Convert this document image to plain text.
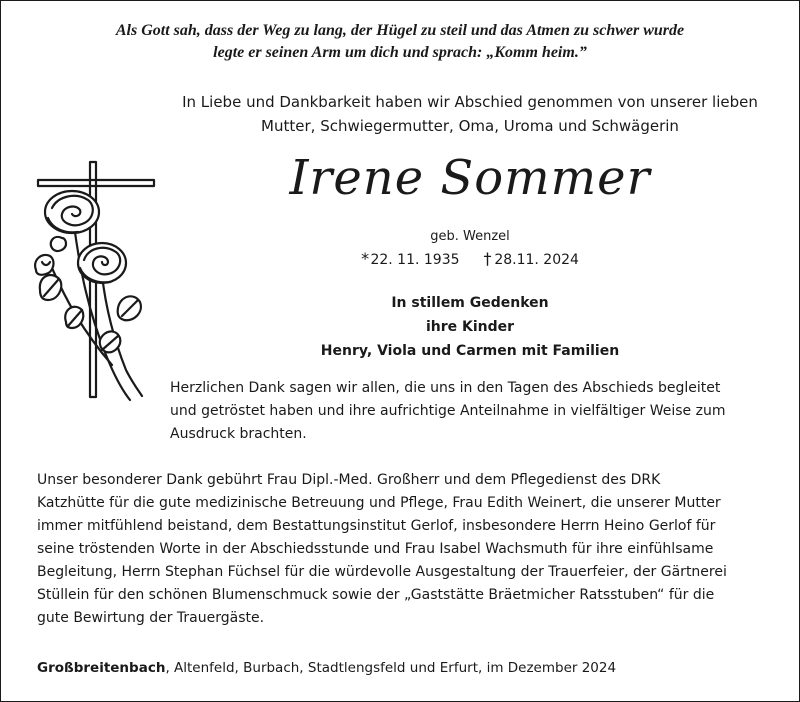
Als Gott sah, dass der Weg zu lang, der Hügel zu steil und das Atmen zu schwer wurde
legte er seinen Arm um dich und sprach: „Komm heim.”
In Liebe und Dankbarkeit haben wir Abschied genommen von unserer lieben
Mutter, Schwiegermutter, Oma, Uroma und Schwägerin
Irene Sommer
geb. Wenzel
* 22. 11. 1935 †  28.11. 2024
In stillem Gedenken
ihre Kinder
Henry, Viola und Carmen mit Familien
Herzlichen Dank sagen wir allen, die uns in den Tagen des Abschieds begleitet
und getröstet haben und ihre aufrichtige Anteilnahme in vielfältiger Weise zum
Ausdruck brachten.
Unser besonderer Dank gebührt Frau Dipl.-Med. Großherr und dem Pflegedienst des DRK
Katzhütte für die gute medizinische Betreuung und Pflege, Frau Edith Weinert, die unserer Mutter
immer mitfühlend beistand, dem Bestattungsinstitut Gerlof, insbesondere Herrn Heino Gerlof für
seine tröstenden Worte in der Abschiedsstunde und Frau Isabel Wachsmuth für ihre einfühlsame
Begleitung, Herrn Stephan Füchsel für die würdevolle Ausgestaltung der Trauerfeier, der Gärtnerei
Stüllein für den schönen Blumenschmuck sowie der „Gaststätte Bräetmicher Ratsstuben“ für die
gute Bewirtung der Trauergäste.
Großbreitenbach, Altenfeld, Burbach, Stadtlengsfeld und Erfurt, im Dezember 2024
